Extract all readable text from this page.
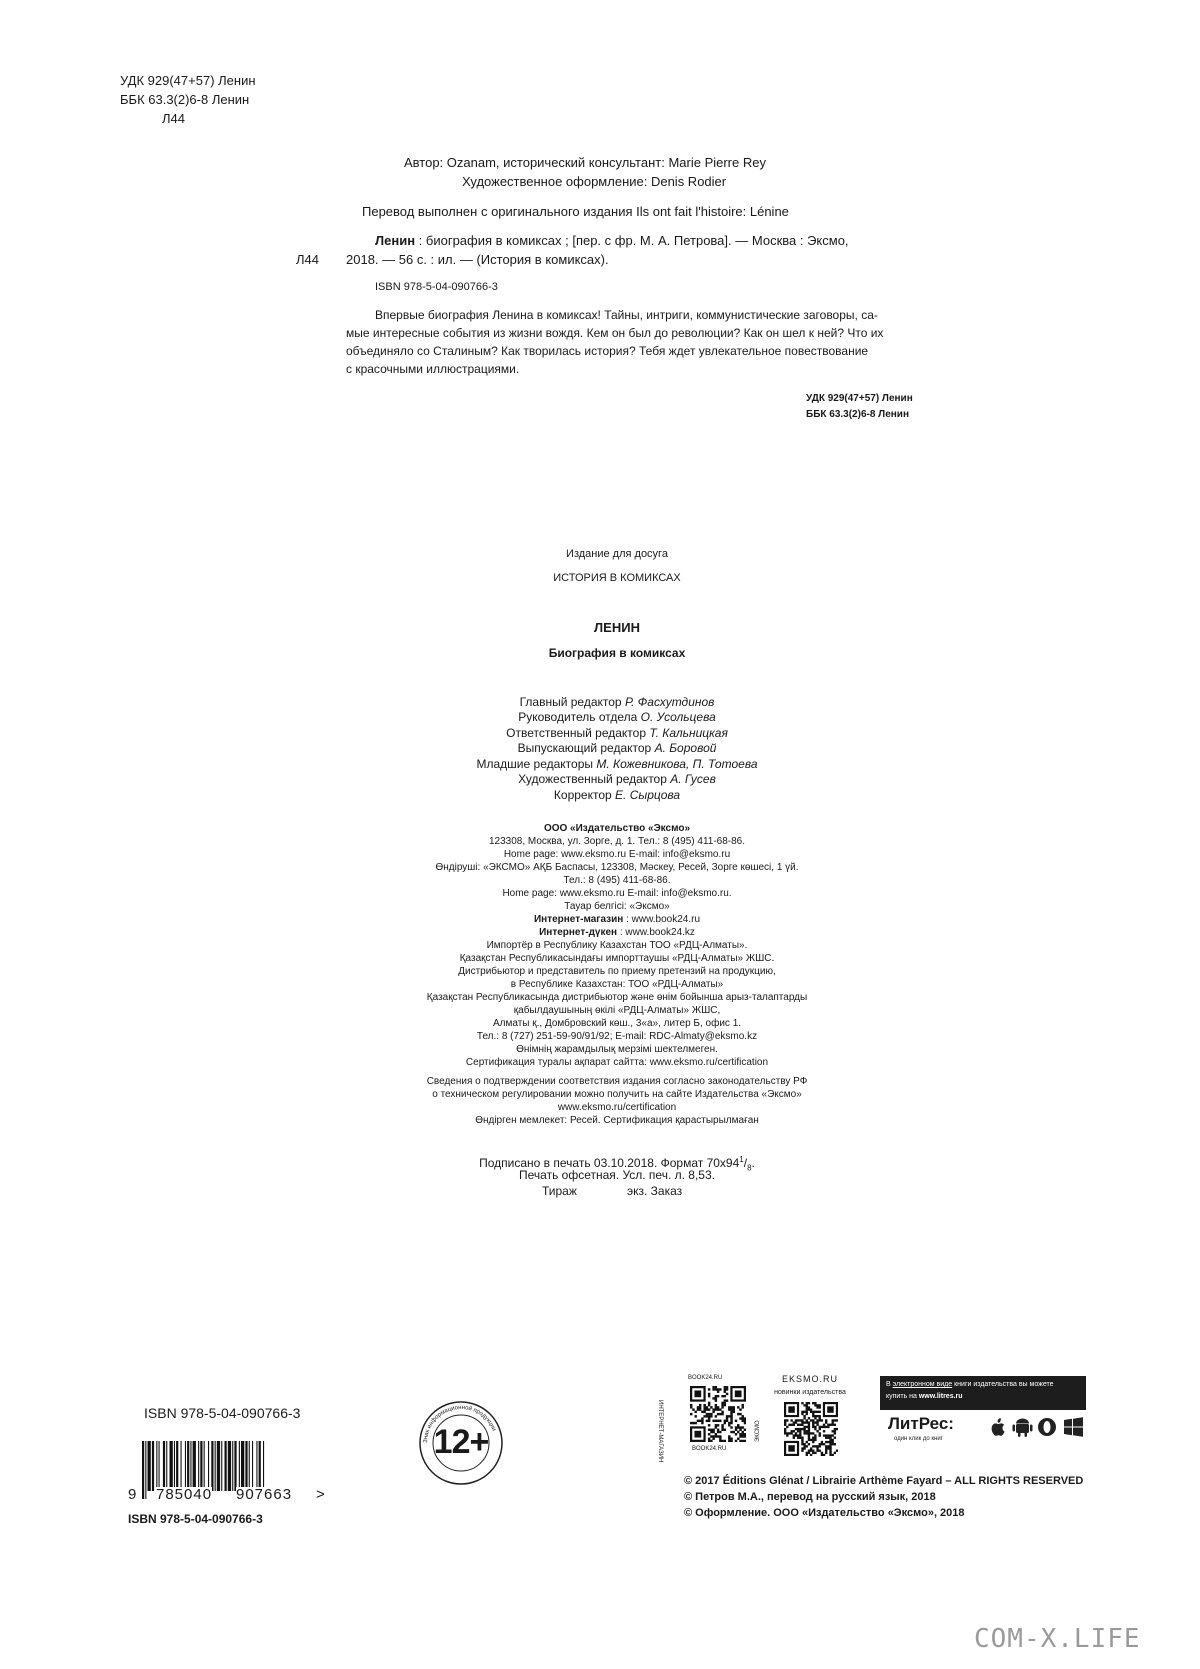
УДК 929(47+57) Ленин
ББК 63.3(2)6-8 Ленин
Л44
Автор: Ozanam, исторический консультант: Marie Pierre Rey
Художественное оформление: Denis Rodier
Перевод выполнен с оригинального издания Ils ont fait l'histoire: Lénine
Л44
Ленин : биография в комиксах ; [пер. с фр. М. А. Петрова]. — Москва : Эксмо,
2018. — 56 с. : ил. — (История в комиксах).
ISBN 978-5-04-090766-3
Впервые биография Ленина в комиксах! Тайны, интриги, коммунистические заговоры, са-
мые интересные события из жизни вождя. Кем он был до революции? Как он шел к ней? Что их
объединяло со Сталиным? Как творилась история? Тебя ждет увлекательное повествование
с красочными иллюстрациями.
УДК 929(47+57) Ленин
ББК 63.3(2)6-8 Ленин
Издание для досуга
ИСТОРИЯ В КОМИКСАХ
ЛЕНИН
Биография в комиксах
Главный редактор Р. Фасхутдинов
Руководитель отдела О. Усольцева
Ответственный редактор Т. Кальницкая
Выпускающий редактор А. Боровой
Младшие редакторы М. Кожевникова, П. Тотоева
Художественный редактор А. Гусев
Корректор Е. Сырцова
ООО «Издательство «Эксмо»
123308, Москва, ул. Зорге, д. 1. Тел.: 8 (495) 411-68-86.
Home page: www.eksmo.ru E-mail: info@eksmo.ru
Өндіруші: «ЭКСМО» АҚБ Баспасы, 123308, Мәскеу, Ресей, Зорге көшесі, 1 үй.
Тел.: 8 (495) 411-68-86.
Home page: www.eksmo.ru E-mail: info@eksmo.ru.
Тауар белгісі: «Эксмо»
Интернет-магазин : www.book24.ru
Интернет-дүкен : www.book24.kz
Импортёр в Республику Казахстан ТОО «РДЦ-Алматы».
Қазақстан Республикасындағы импорттаушы «РДЦ-Алматы» ЖШС.
Дистрибьютор и представитель по приему претензий на продукцию,
в Республике Казахстан: ТОО «РДЦ-Алматы»
Қазақстан Республикасында дистрибьютор және өнім бойынша арыз-талаптарды
қабылдаушының өкілі «РДЦ-Алматы» ЖШС,
Алматы қ., Домбровский көш., 3«а», литер Б, офис 1.
Тел.: 8 (727) 251-59-90/91/92; E-mail: RDC-Almaty@eksmo.kz
Өнімнің жарамдылық мерзімі шектелмеген.
Сертификация туралы ақпарат сайтта: www.eksmo.ru/certification
Сведения о подтверждении соответствия издания согласно законодательству РФ
о техническом регулировании можно получить на сайте Издательства «Эксмо»
www.eksmo.ru/certification
Өндірген мемлекет: Ресей. Сертификация қарастырылмаған
Подписано в печать 03.10.2018. Формат $70x94^1/_8$.
Печать офсетная. Усл. печ. л. 8,53.
Тираж	экз. Заказ
ISBN 978-5-04-090766-3
9 785040 907663 >
ISBN 978-5-04-090766-3
Знак информационной продукции
12+
BOOK24.RU
ИНТЕРНЕТ-МАГАЗИН	ЭКСМО
BOOK24.RU
EKSMO.RU
новинки издательства
В электронном виде книги издательства вы можете
купить на www.litres.ru
ЛитРес:
один клик до книг
© 2017 Éditions Glénat / Librairie Arthème Fayard – ALL RIGHTS RESERVED
© Петров М.А., перевод на русский язык, 2018
© Оформление. ООО «Издательство «Эксмо», 2018
COM-X.LIFE
